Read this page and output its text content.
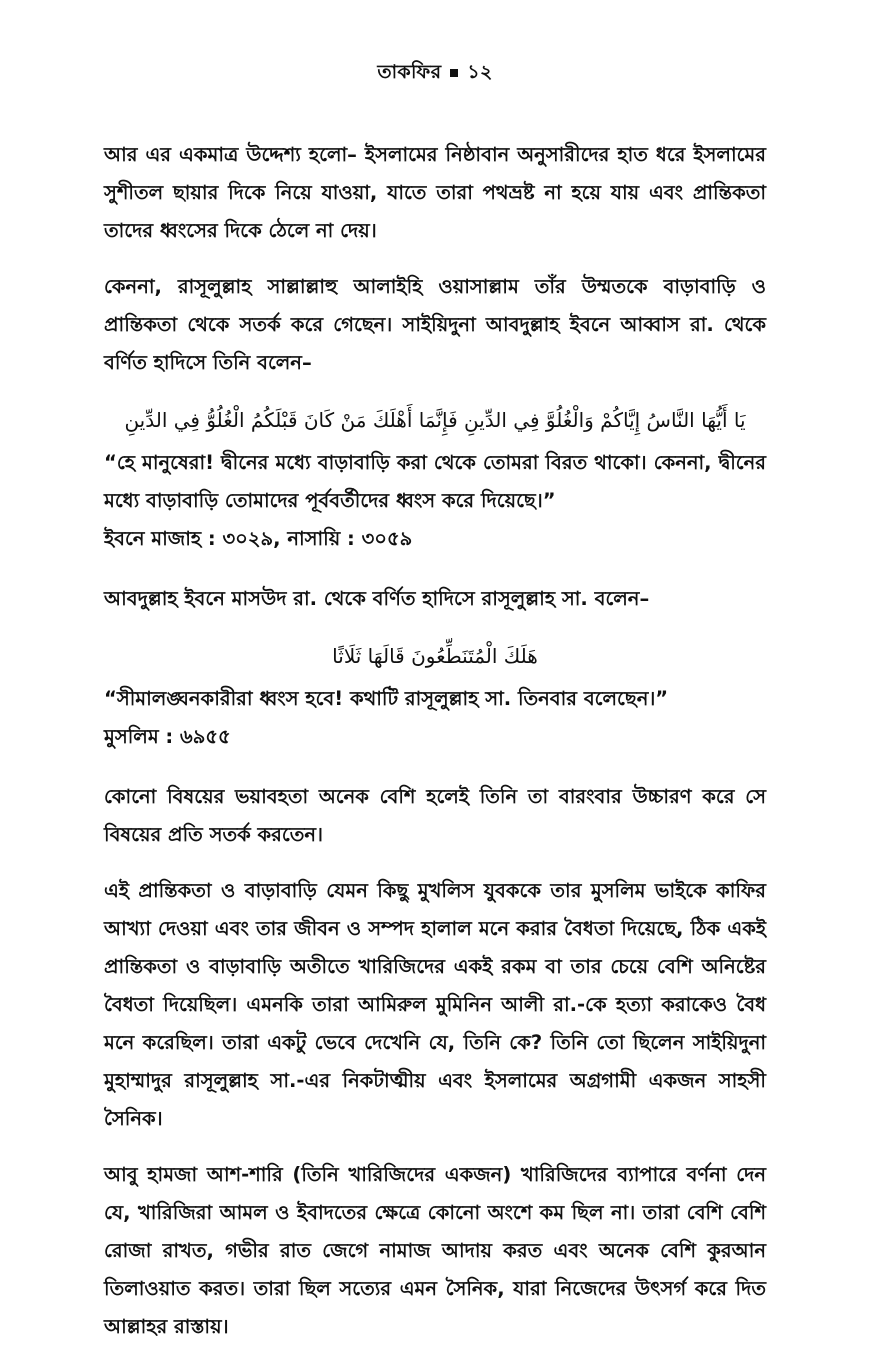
তাকফির ১২

আর এর একমাত্র উদ্দেশ্য হলো– ইসলামের নিষ্ঠাবান অনুসারীদের হাত ধরে ইসলামের সুশীতল ছায়ার দিকে নিয়ে যাওয়া, যাতে তারা পথভ্রষ্ট না হয়ে যায় এবং প্রান্তিকতা তাদের ধ্বংসের দিকে ঠেলে না দেয়।

কেননা, রাসূলুল্লাহ সাল্লাল্লাহু আলাইহি ওয়াসাল্লাম তাঁর উম্মতকে বাড়াবাড়ি ও প্রান্তিকতা থেকে সতর্ক করে গেছেন। সাইয়িদুনা আবদুল্লাহ ইবনে আব্বাস রা. থেকে বর্ণিত হাদিসে তিনি বলেন–

يَا أَيُّهَا النَّاسُ إِيَّاكُمْ وَالْغُلُوَّ فِي الدِّينِ فَإِنَّمَا أَهْلَكَ مَنْ كَانَ قَبْلَكُمُ الْغُلُوُّ فِي الدِّينِ

“হে মানুষেরা! দ্বীনের মধ্যে বাড়াবাড়ি করা থেকে তোমরা বিরত থাকো। কেননা, দ্বীনের মধ্যে বাড়াবাড়ি তোমাদের পূর্ববর্তীদের ধ্বংস করে দিয়েছে।”

ইবনে মাজাহ : ৩০২৯, নাসায়ি : ৩০৫৯

আবদুল্লাহ ইবনে মাসউদ রা. থেকে বর্ণিত হাদিসে রাসূলুল্লাহ সা. বলেন–

هَلَكَ الْمُتَنَطِّعُونَ قَالَهَا ثَلَاثًا

“সীমালঙ্ঘনকারীরা ধ্বংস হবে! কথাটি রাসূলুল্লাহ সা. তিনবার বলেছেন।”

মুসলিম : ৬৯৫৫

কোনো বিষয়ের ভয়াবহতা অনেক বেশি হলেই তিনি তা বারংবার উচ্চারণ করে সে বিষয়ের প্রতি সতর্ক করতেন।

এই প্রান্তিকতা ও বাড়াবাড়ি যেমন কিছু মুখলিস যুবককে তার মুসলিম ভাইকে কাফির আখ্যা দেওয়া এবং তার জীবন ও সম্পদ হালাল মনে করার বৈধতা দিয়েছে, ঠিক একই প্রান্তিকতা ও বাড়াবাড়ি অতীতে খারিজিদের একই রকম বা তার চেয়ে বেশি অনিষ্টের বৈধতা দিয়েছিল। এমনকি তারা আমিরুল মুমিনিন আলী রা.-কে হত্যা করাকেও বৈধ মনে করেছিল। তারা একটু ভেবে দেখেনি যে, তিনি কে? তিনি তো ছিলেন সাইয়িদুনা মুহাম্মাদুর রাসূলুল্লাহ সা.-এর নিকটাত্মীয় এবং ইসলামের অগ্রগামী একজন সাহসী সৈনিক।

আবু হামজা আশ-শারি (তিনি খারিজিদের একজন) খারিজিদের ব্যাপারে বর্ণনা দেন যে, খারিজিরা আমল ও ইবাদতের ক্ষেত্রে কোনো অংশে কম ছিল না। তারা বেশি বেশি রোজা রাখত, গভীর রাত জেগে নামাজ আদায় করত এবং অনেক বেশি কুরআন তিলাওয়াত করত। তারা ছিল সত্যের এমন সৈনিক, যারা নিজেদের উৎসর্গ করে দিত আল্লাহর রাস্তায়।
